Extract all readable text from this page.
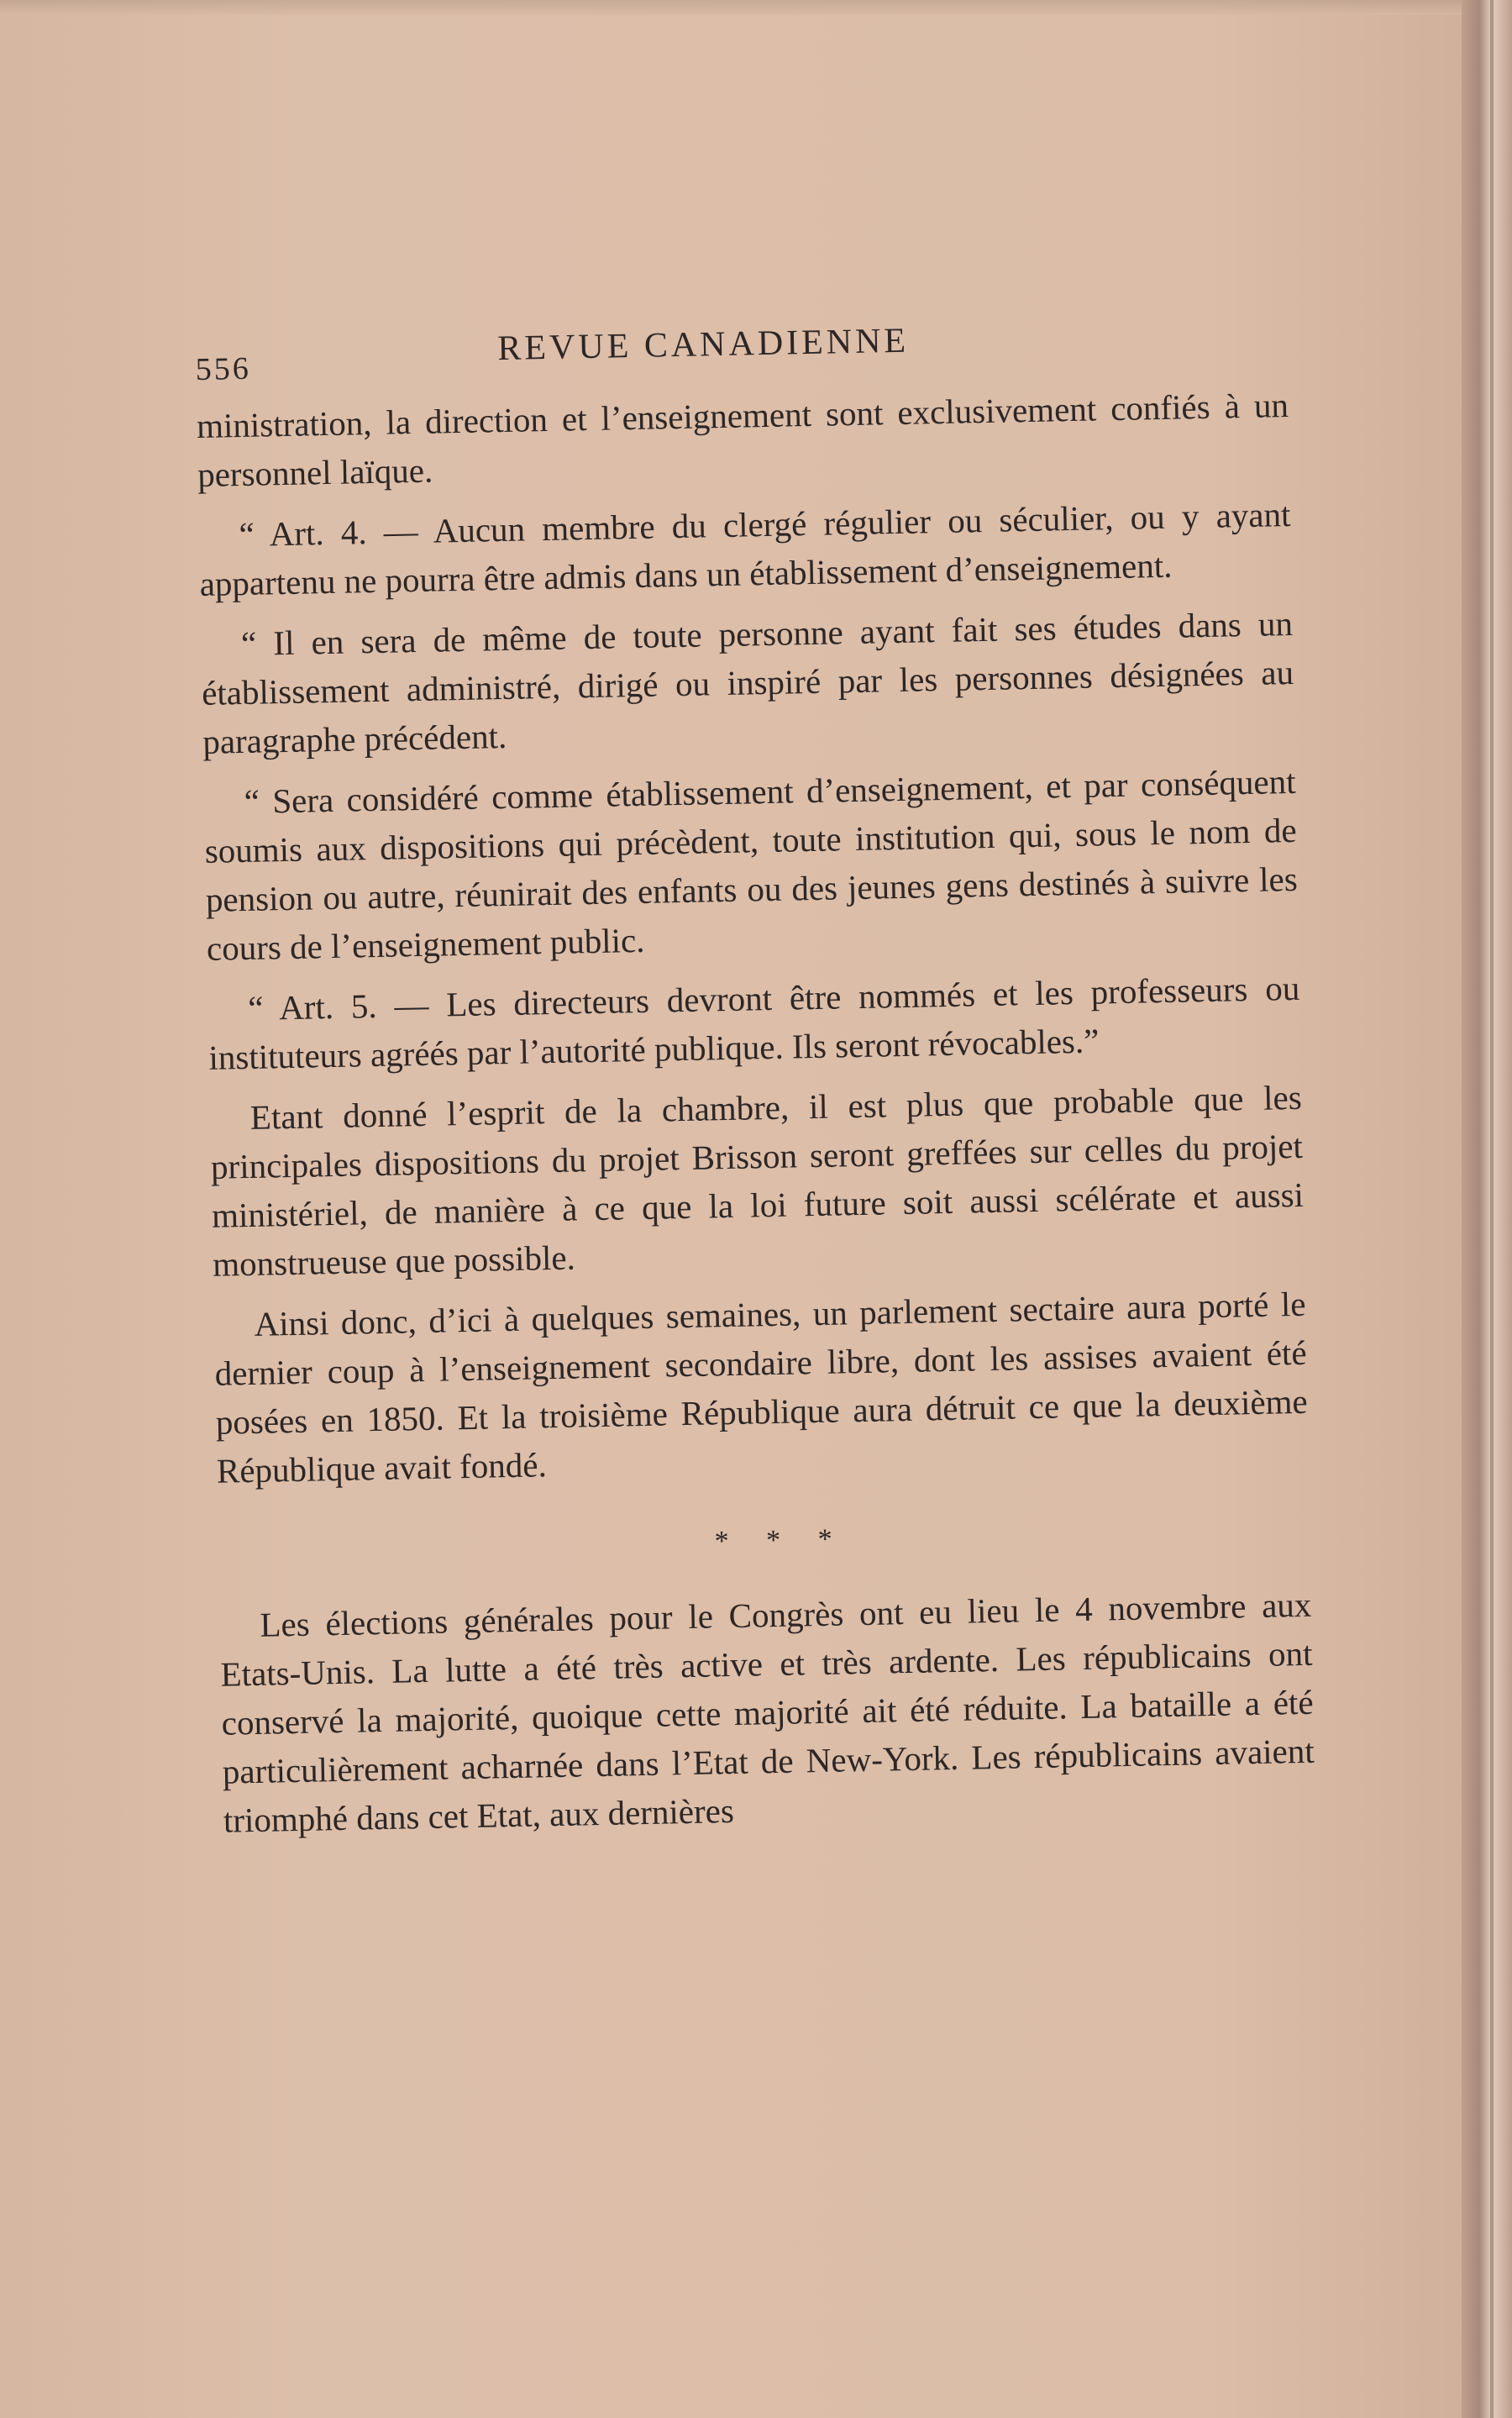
556
REVUE CANADIENNE

ministration, la direction et l’enseignement sont exclusivement confiés à un personnel laïque.

“ Art. 4. — Aucun membre du clergé régulier ou séculier, ou y ayant appartenu ne pourra être admis dans un établissement d’enseignement.

“ Il en sera de même de toute personne ayant fait ses études dans un établissement administré, dirigé ou inspiré par les personnes désignées au paragraphe précédent.

“ Sera considéré comme établissement d’enseignement, et par conséquent soumis aux dispositions qui précèdent, toute institution qui, sous le nom de pension ou autre, réunirait des enfants ou des jeunes gens destinés à suivre les cours de l’enseignement public.

“ Art. 5. — Les directeurs devront être nommés et les professeurs ou instituteurs agréés par l’autorité publique. Ils seront révocables.”

Etant donné l’esprit de la chambre, il est plus que probable que les principales dispositions du projet Brisson seront greffées sur celles du projet ministériel, de manière à ce que la loi future soit aussi scélérate et aussi monstrueuse que possible.

Ainsi donc, d’ici à quelques semaines, un parlement sectaire aura porté le dernier coup à l’enseignement secondaire libre, dont les assises avaient été posées en 1850. Et la troisième République aura détruit ce que la deuxième République avait fondé.

* * *

Les élections générales pour le Congrès ont eu lieu le 4 novembre aux Etats-Unis. La lutte a été très active et très ardente. Les républicains ont conservé la majorité, quoique cette majorité ait été réduite. La bataille a été particulièrement acharnée dans l’Etat de New-York. Les républicains avaient triomphé dans cet Etat, aux dernières
